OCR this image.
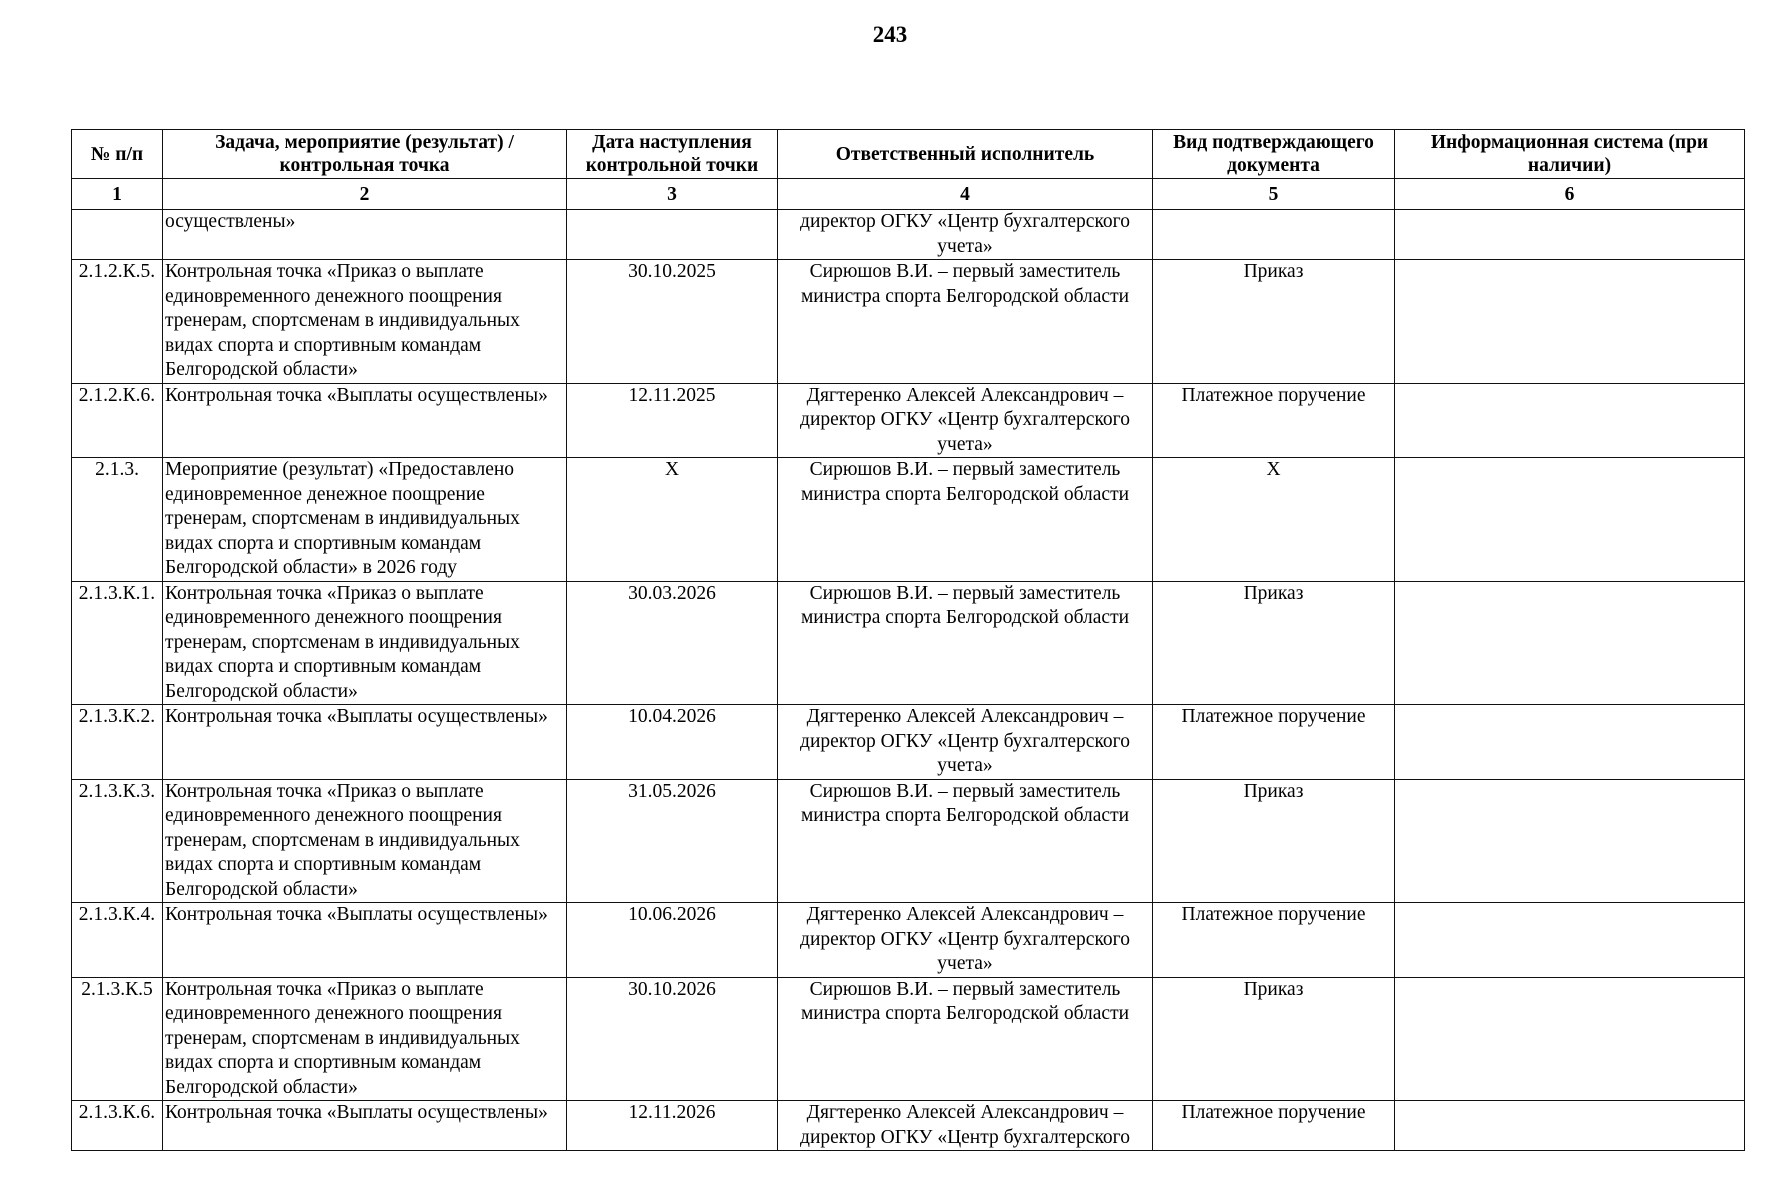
243
№ п/п	Задача, мероприятие (результат) / контрольная точка	Дата наступления контрольной точки	Ответственный исполнитель	Вид подтверждающего документа	Информационная система (при наличии)
1	2	3	4	5	6
	осуществлены»		директор ОГКУ «Центр бухгалтерского учета»		
2.1.2.К.5.	Контрольная точка «Приказ о выплате единовременного денежного поощрения тренерам, спортсменам в индивидуальных видах спорта и спортивным командам Белгородской области»	30.10.2025	Сирюшов В.И. – первый заместитель министра спорта Белгородской области	Приказ	
2.1.2.К.6.	Контрольная точка «Выплаты осуществлены»	12.11.2025	Дягтеренко Алексей Александрович – директор ОГКУ «Центр бухгалтерского учета»	Платежное поручение	
2.1.3.	Мероприятие (результат) «Предоставлено единовременное денежное поощрение тренерам, спортсменам в индивидуальных видах спорта и спортивным командам Белгородской области» в 2026 году	Х	Сирюшов В.И. – первый заместитель министра спорта Белгородской области	Х	
2.1.3.К.1.	Контрольная точка «Приказ о выплате единовременного денежного поощрения тренерам, спортсменам в индивидуальных видах спорта и спортивным командам Белгородской области»	30.03.2026	Сирюшов В.И. – первый заместитель министра спорта Белгородской области	Приказ	
2.1.3.К.2.	Контрольная точка «Выплаты осуществлены»	10.04.2026	Дягтеренко Алексей Александрович – директор ОГКУ «Центр бухгалтерского учета»	Платежное поручение	
2.1.3.К.3.	Контрольная точка «Приказ о выплате единовременного денежного поощрения тренерам, спортсменам в индивидуальных видах спорта и спортивным командам Белгородской области»	31.05.2026	Сирюшов В.И. – первый заместитель министра спорта Белгородской области	Приказ	
2.1.3.К.4.	Контрольная точка «Выплаты осуществлены»	10.06.2026	Дягтеренко Алексей Александрович – директор ОГКУ «Центр бухгалтерского учета»	Платежное поручение	
2.1.3.К.5	Контрольная точка «Приказ о выплате единовременного денежного поощрения тренерам, спортсменам в индивидуальных видах спорта и спортивным командам Белгородской области»	30.10.2026	Сирюшов В.И. – первый заместитель министра спорта Белгородской области	Приказ	
2.1.3.К.6.	Контрольная точка «Выплаты осуществлены»	12.11.2026	Дягтеренко Алексей Александрович – директор ОГКУ «Центр бухгалтерского	Платежное поручение	
